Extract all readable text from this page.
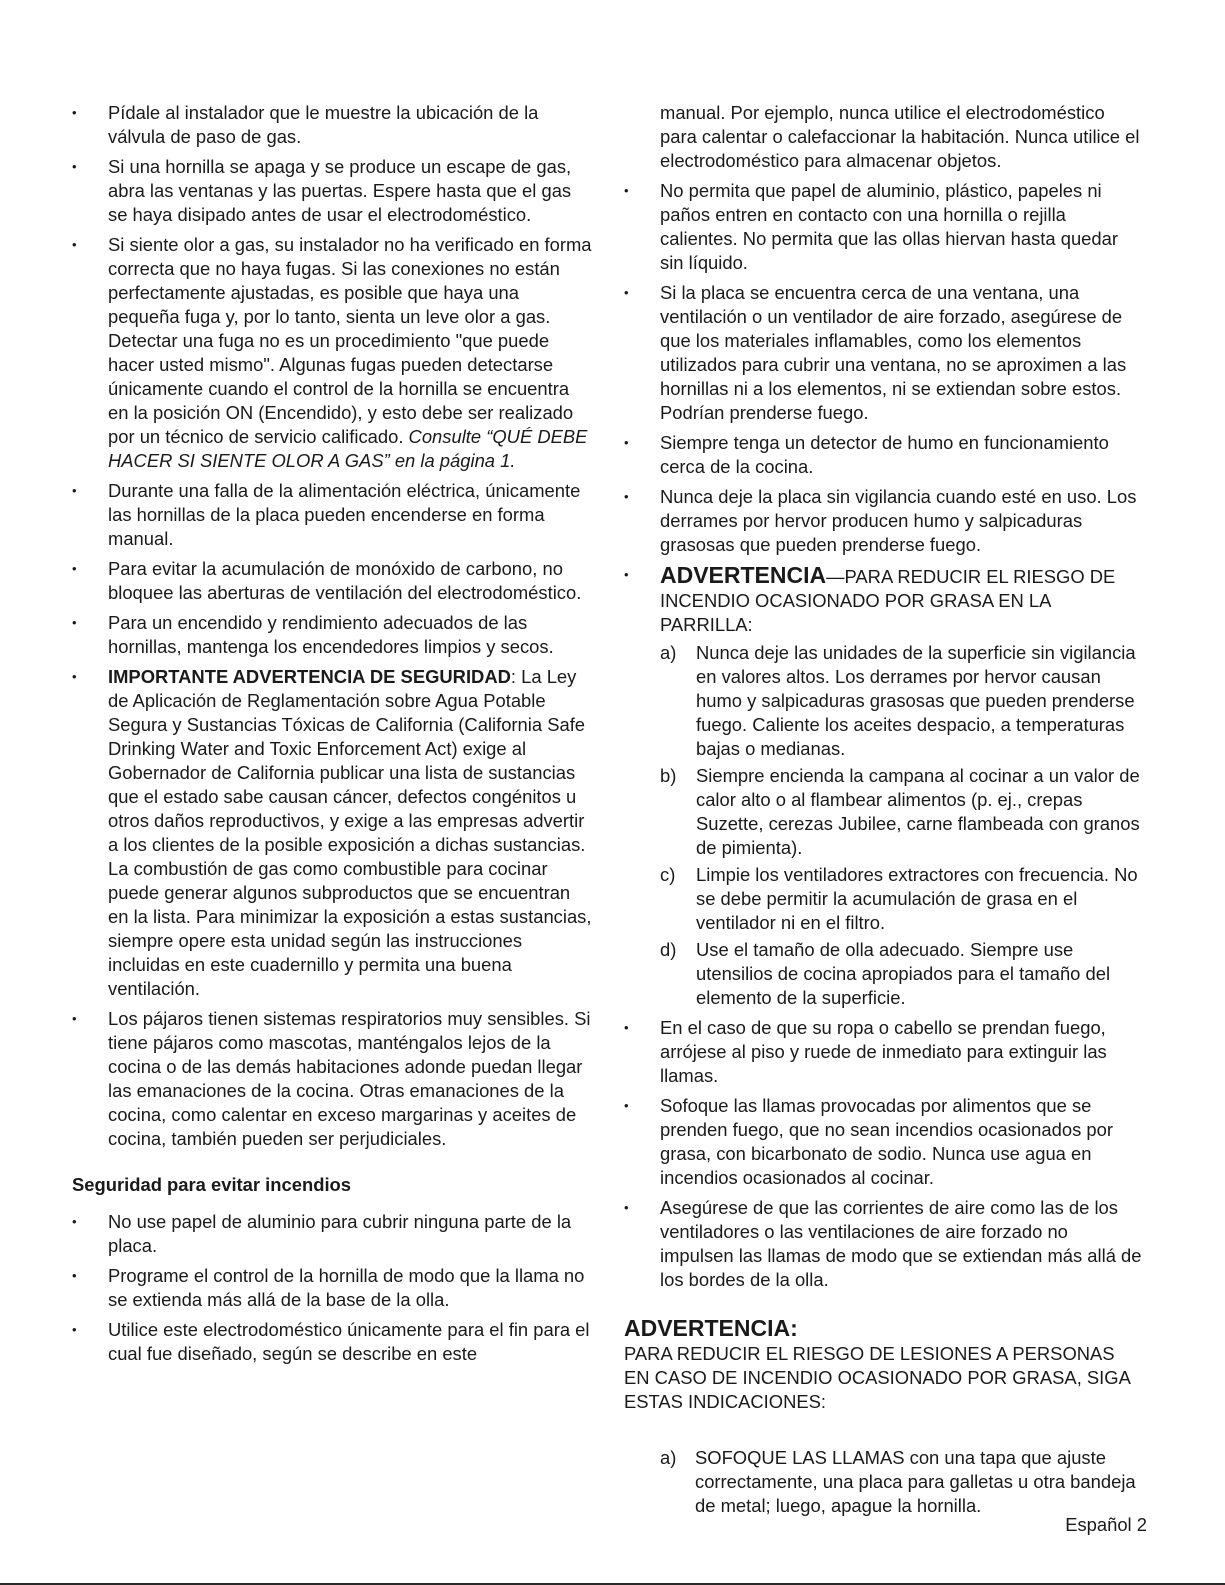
• Pídale al instalador que le muestre la ubicación de la válvula de paso de gas.
• Si una hornilla se apaga y se produce un escape de gas, abra las ventanas y las puertas. Espere hasta que el gas se haya disipado antes de usar el electrodoméstico.
• Si siente olor a gas, su instalador no ha verificado en forma correcta que no haya fugas. Si las conexiones no están perfectamente ajustadas, es posible que haya una pequeña fuga y, por lo tanto, sienta un leve olor a gas. Detectar una fuga no es un procedimiento "que puede hacer usted mismo". Algunas fugas pueden detectarse únicamente cuando el control de la hornilla se encuentra en la posición ON (Encendido), y esto debe ser realizado por un técnico de servicio calificado. Consulte “QUÉ DEBE HACER SI SIENTE OLOR A GAS” en la página 1.
• Durante una falla de la alimentación eléctrica, únicamente las hornillas de la placa pueden encenderse en forma manual.
• Para evitar la acumulación de monóxido de carbono, no bloquee las aberturas de ventilación del electrodoméstico.
• Para un encendido y rendimiento adecuados de las hornillas, mantenga los encendedores limpios y secos.
• IMPORTANTE ADVERTENCIA DE SEGURIDAD: La Ley de Aplicación de Reglamentación sobre Agua Potable Segura y Sustancias Tóxicas de California (California Safe Drinking Water and Toxic Enforcement Act) exige al Gobernador de California publicar una lista de sustancias que el estado sabe causan cáncer, defectos congénitos u otros daños reproductivos, y exige a las empresas advertir a los clientes de la posible exposición a dichas sustancias.
La combustión de gas como combustible para cocinar puede generar algunos subproductos que se encuentran en la lista. Para minimizar la exposición a estas sustancias, siempre opere esta unidad según las instrucciones incluidas en este cuadernillo y permita una buena ventilación.
• Los pájaros tienen sistemas respiratorios muy sensibles. Si tiene pájaros como mascotas, manténgalos lejos de la cocina o de las demás habitaciones adonde puedan llegar las emanaciones de la cocina. Otras emanaciones de la cocina, como calentar en exceso margarinas y aceites de cocina, también pueden ser perjudiciales.
Seguridad para evitar incendios
• No use papel de aluminio para cubrir ninguna parte de la placa.
• Programe el control de la hornilla de modo que la llama no se extienda más allá de la base de la olla.
• Utilice este electrodoméstico únicamente para el fin para el cual fue diseñado, según se describe en este
manual. Por ejemplo, nunca utilice el electrodoméstico para calentar o calefaccionar la habitación. Nunca utilice el electrodoméstico para almacenar objetos.
• No permita que papel de aluminio, plástico, papeles ni paños entren en contacto con una hornilla o rejilla calientes. No permita que las ollas hiervan hasta quedar sin líquido.
• Si la placa se encuentra cerca de una ventana, una ventilación o un ventilador de aire forzado, asegúrese de que los materiales inflamables, como los elementos utilizados para cubrir una ventana, no se aproximen a las hornillas ni a los elementos, ni se extiendan sobre estos. Podrían prenderse fuego.
• Siempre tenga un detector de humo en funcionamiento cerca de la cocina.
• Nunca deje la placa sin vigilancia cuando esté en uso. Los derrames por hervor producen humo y salpicaduras grasosas que pueden prenderse fuego.
• ADVERTENCIA—PARA REDUCIR EL RIESGO DE INCENDIO OCASIONADO POR GRASA EN LA PARRILLA:
a) Nunca deje las unidades de la superficie sin vigilancia en valores altos. Los derrames por hervor causan humo y salpicaduras grasosas que pueden prenderse fuego. Caliente los aceites despacio, a temperaturas bajas o medianas.
b) Siempre encienda la campana al cocinar a un valor de calor alto o al flambear alimentos (p. ej., crepas Suzette, cerezas Jubilee, carne flambeada con granos de pimienta).
c) Limpie los ventiladores extractores con frecuencia. No se debe permitir la acumulación de grasa en el ventilador ni en el filtro.
d) Use el tamaño de olla adecuado. Siempre use utensilios de cocina apropiados para el tamaño del elemento de la superficie.
• En el caso de que su ropa o cabello se prendan fuego, arrójese al piso y ruede de inmediato para extinguir las llamas.
• Sofoque las llamas provocadas por alimentos que se prenden fuego, que no sean incendios ocasionados por grasa, con bicarbonato de sodio. Nunca use agua en incendios ocasionados al cocinar.
• Asegúrese de que las corrientes de aire como las de los ventiladores o las ventilaciones de aire forzado no impulsen las llamas de modo que se extiendan más allá de los bordes de la olla.
ADVERTENCIA:
PARA REDUCIR EL RIESGO DE LESIONES A PERSONAS EN CASO DE INCENDIO OCASIONADO POR GRASA, SIGA ESTAS INDICACIONES:
a) SOFOQUE LAS LLAMAS con una tapa que ajuste correctamente, una placa para galletas u otra bandeja de metal; luego, apague la hornilla.
Español 2
